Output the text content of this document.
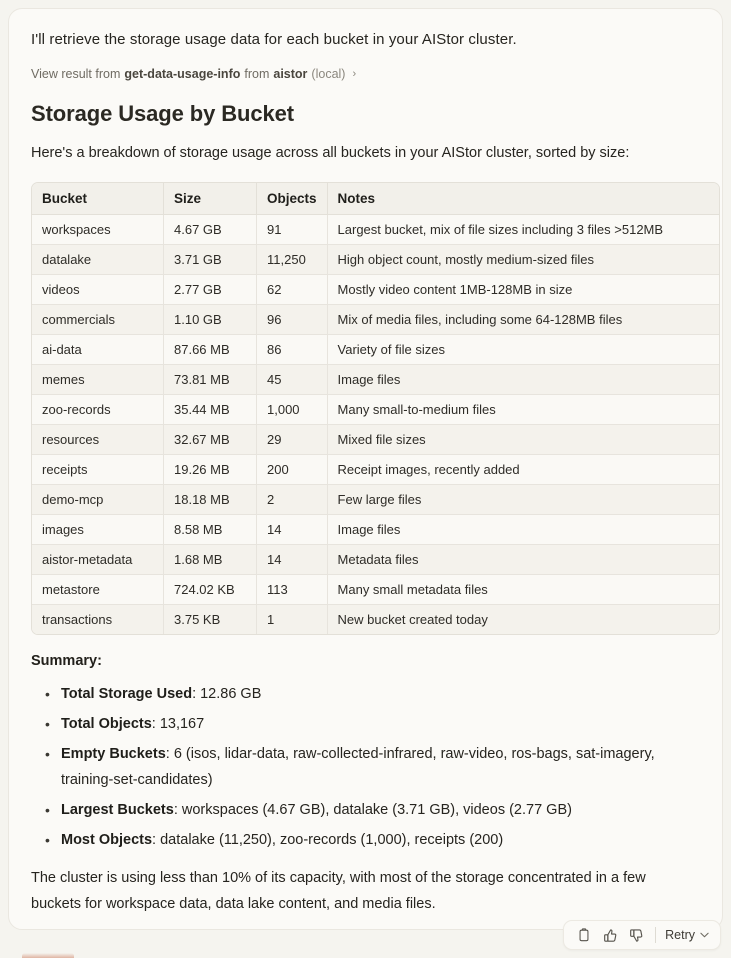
I'll retrieve the storage usage data for each bucket in your AIStor cluster.
View result from get-data-usage-info from aistor (local) ›
Storage Usage by Bucket
Here's a breakdown of storage usage across all buckets in your AIStor cluster, sorted by size:
Bucket	Size	Objects	Notes
workspaces	4.67 GB	91	Largest bucket, mix of file sizes including 3 files >512MB
datalake	3.71 GB	11,250	High object count, mostly medium-sized files
videos	2.77 GB	62	Mostly video content 1MB-128MB in size
commercials	1.10 GB	96	Mix of media files, including some 64-128MB files
ai-data	87.66 MB	86	Variety of file sizes
memes	73.81 MB	45	Image files
zoo-records	35.44 MB	1,000	Many small-to-medium files
resources	32.67 MB	29	Mixed file sizes
receipts	19.26 MB	200	Receipt images, recently added
demo-mcp	18.18 MB	2	Few large files
images	8.58 MB	14	Image files
aistor-metadata	1.68 MB	14	Metadata files
metastore	724.02 KB	113	Many small metadata files
transactions	3.75 KB	1	New bucket created today
Summary:
• Total Storage Used: 12.86 GB
• Total Objects: 13,167
• Empty Buckets: 6 (isos, lidar-data, raw-collected-infrared, raw-video, ros-bags, sat-imagery, training-set-candidates)
• Largest Buckets: workspaces (4.67 GB), datalake (3.71 GB), videos (2.77 GB)
• Most Objects: datalake (11,250), zoo-records (1,000), receipts (200)
The cluster is using less than 10% of its capacity, with most of the storage concentrated in a few buckets for workspace data, data lake content, and media files.
Retry
